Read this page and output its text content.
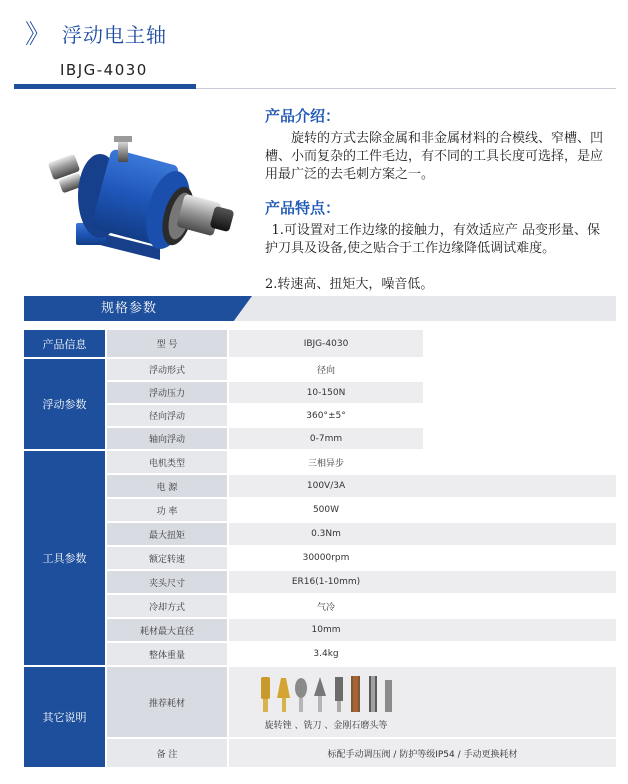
》 浮动电主轴
IBJG-4030
产品介绍：
旋转的方式去除金属和非金属材料的合模线、窄槽、凹槽、小而复杂的工件毛边，有不同的工具长度可选择，是应用最广泛的去毛刺方案之一。
产品特点：
1.可设置对工作边缘的接触力，有效适应产 品变形量、保护刀具及设备,使之贴合于工作边缘降低调试难度。
2.转速高、扭矩大，噪音低。
规格参数
产品信息	型 号	IBJG-4030	
浮动参数	浮动形式	径向	
	浮动压力	10-150N	
	径向浮动	360°±5°	
	轴向浮动	0-7mm	
工具参数	电机类型	三相异步	
	电 源	100V/3A	
	功 率	500W	
	最大扭矩	0.3Nm	
	额定转速	30000rpm	
	夹头尺寸	ER16(1-10mm)	
	冷却方式	气冷	
	耗材最大直径	10mm	
	整体重量	3.4kg	
其它说明	推荐耗材	旋转锉 、铣刀 、金刚石磨头等	

	备 注	标配手动调压阀 / 防护等级IP54 / 手动更换耗材	
